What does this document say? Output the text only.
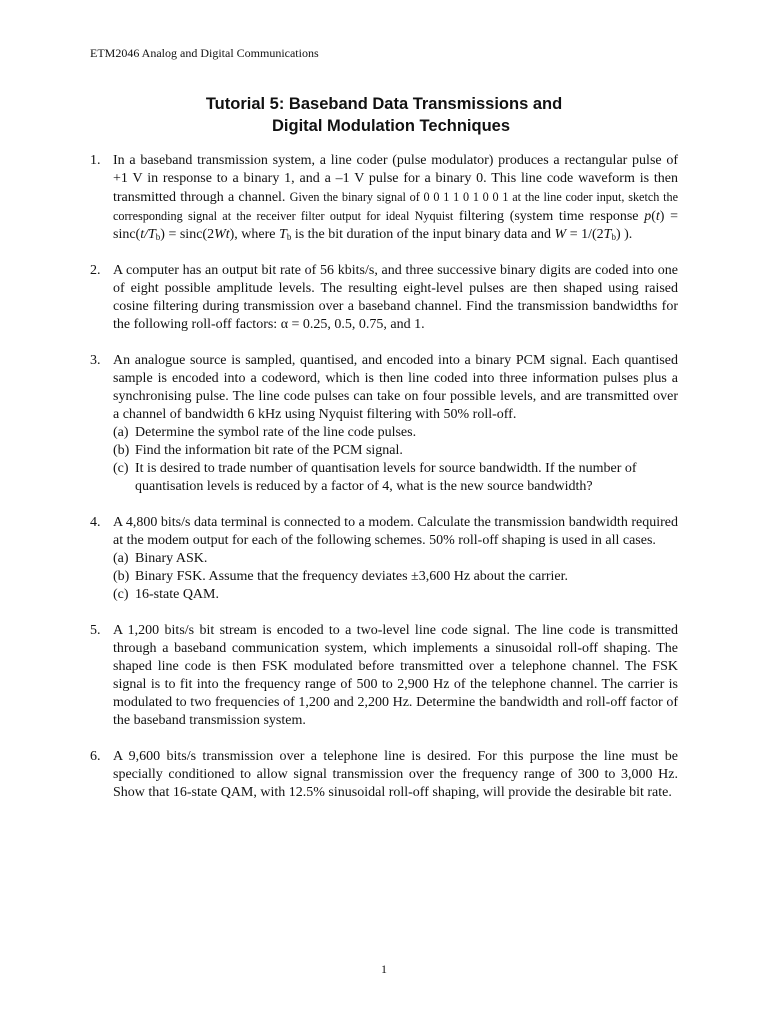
ETM2046 Analog and Digital Communications
Tutorial 5: Baseband Data Transmissions and
Digital Modulation Techniques
1. In a baseband transmission system, a line coder (pulse modulator) produces a rectangular pulse of +1 V in response to a binary 1, and a –1 V pulse for a binary 0. This line code waveform is then transmitted through a channel. Given the binary signal of 0 0 1 1 0 1 0 0 1 at the line coder input, sketch the corresponding signal at the receiver filter output for ideal Nyquist filtering (system time response $p(t) = \sin c(t/T_b) = \sin c(2Wt)$, where $T_b$ is the bit duration of the input binary data and $W = 1/(2T_b)$ ).

2. A computer has an output bit rate of 56 kbits/s, and three successive binary digits are coded into one of eight possible amplitude levels. The resulting eight-level pulses are then shaped using raised cosine filtering during transmission over a baseband channel. Find the transmission bandwidths for the following roll-off factors: α = 0.25, 0.5, 0.75, and 1.

3. An analogue source is sampled, quantised, and encoded into a binary PCM signal. Each quantised sample is encoded into a codeword, which is then line coded into three information pulses plus a synchronising pulse. The line code pulses can take on four possible levels, and are transmitted over a channel of bandwidth 6 kHz using Nyquist filtering with 50% roll-off.

(a) Determine the symbol rate of the line code pulses.
(b) Find the information bit rate of the PCM signal.
(c) It is desired to trade number of quantisation levels for source bandwidth. If the number of quantisation levels is reduced by a factor of 4, what is the new source bandwidth?
4. A 4,800 bits/s data terminal is connected to a modem. Calculate the transmission bandwidth required at the modem output for each of the following schemes. 50% roll-off shaping is used in all cases.

(a) Binary ASK.
(b) Binary FSK. Assume that the frequency deviates ±3,600 Hz about the carrier.
(c) 16-state QAM.
5. A 1,200 bits/s bit stream is encoded to a two-level line code signal. The line code is transmitted through a baseband communication system, which implements a sinusoidal roll-off shaping. The shaped line code is then FSK modulated before transmitted over a telephone channel. The FSK signal is to fit into the frequency range of 500 to 2,900 Hz of the telephone channel. The carrier is modulated to two frequencies of 1,200 and 2,200 Hz. Determine the bandwidth and roll-off factor of the baseband transmission system.

6. A 9,600 bits/s transmission over a telephone line is desired. For this purpose the line must be specially conditioned to allow signal transmission over the frequency range of 300 to 3,000 Hz. Show that 16-state QAM, with 12.5% sinusoidal roll-off shaping, will provide the desirable bit rate.

1
